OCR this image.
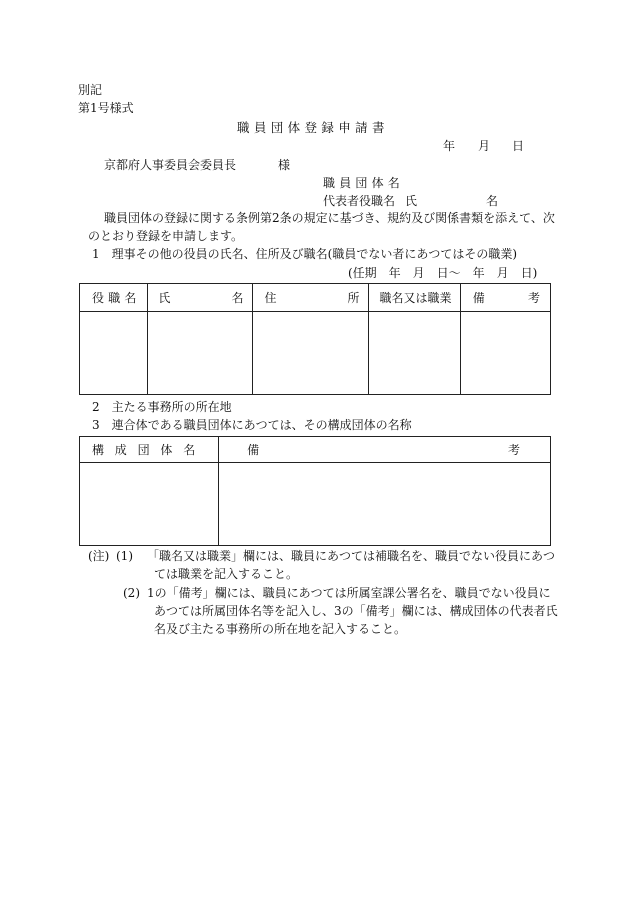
別記
第1号様式
職員団体登録申請書
年 月 日
京都府人事委員会委員長	様
職員団体名
代表者役職名 氏	名
職員団体の登録に関する条例第2条の規定に基づき、規約及び関係書類を添えて、次
のとおり登録を申請します。
1　理事その他の役員の氏名、住所及び職名(職員でない者にあつてはその職業)
(任期　年　月　日～　年　月　日)
役職名	氏 名	住 所	職名又は職業	備 考

2　主たる事務所の所在地
3　連合体である職員団体にあつては、その構成団体の名称
構成団体名	備 考

(注) (1) 「職名又は職業」欄には、職員にあつては補職名を、職員でない役員にあつ
ては職業を記入すること。
(2) 1の「備考」欄には、職員にあつては所属室課公署名を、職員でない役員に
あつては所属団体名等を記入し、3の「備考」欄には、構成団体の代表者氏
名及び主たる事務所の所在地を記入すること。
